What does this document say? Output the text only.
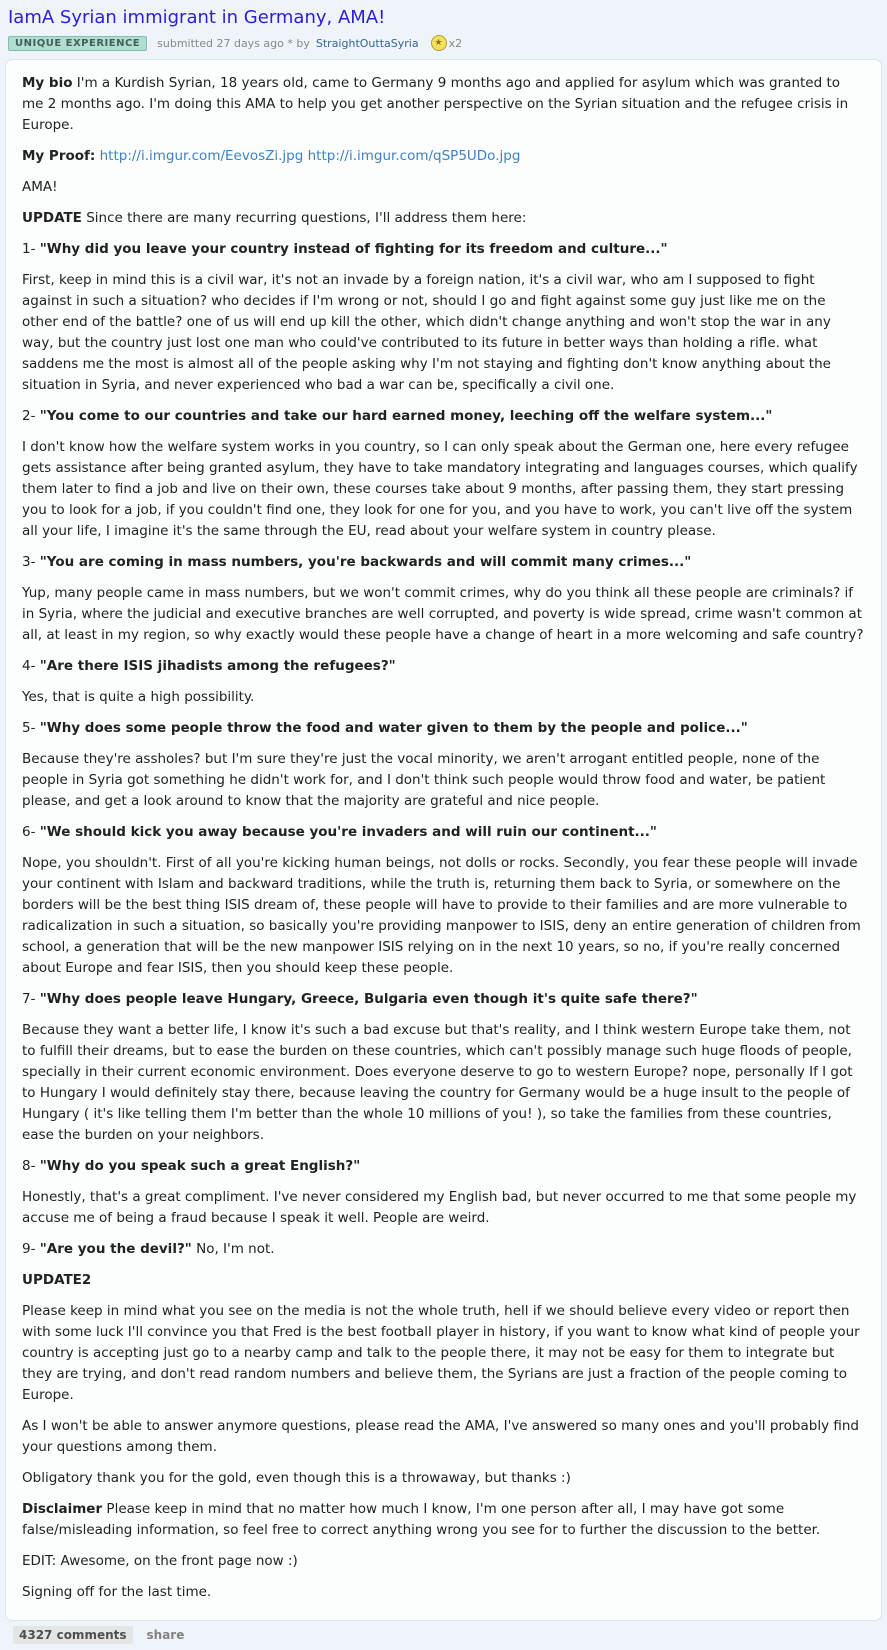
IamA Syrian immigrant in Germany, AMA!
UNIQUE EXPERIENCE	submitted 27 days ago * by StraightOuttaSyria	★ x2

My bio I'm a Kurdish Syrian, 18 years old, came to Germany 9 months ago and applied for asylum which was granted to me 2 months ago. I'm doing this AMA to help you get another perspective on the Syrian situation and the refugee crisis in Europe.

My Proof: http://i.imgur.com/EevosZi.jpg http://i.imgur.com/qSP5UDo.jpg

AMA!

UPDATE Since there are many recurring questions, I'll address them here:

1- "Why did you leave your country instead of fighting for its freedom and culture..."

First, keep in mind this is a civil war, it's not an invade by a foreign nation, it's a civil war, who am I supposed to fight against in such a situation? who decides if I'm wrong or not, should I go and fight against some guy just like me on the other end of the battle? one of us will end up kill the other, which didn't change anything and won't stop the war in any way, but the country just lost one man who could've contributed to its future in better ways than holding a rifle. what saddens me the most is almost all of the people asking why I'm not staying and fighting don't know anything about the situation in Syria, and never experienced who bad a war can be, specifically a civil one.

2- "You come to our countries and take our hard earned money, leeching off the welfare system..."

I don't know how the welfare system works in you country, so I can only speak about the German one, here every refugee gets assistance after being granted asylum, they have to take mandatory integrating and languages courses, which qualify them later to find a job and live on their own, these courses take about 9 months, after passing them, they start pressing you to look for a job, if you couldn't find one, they look for one for you, and you have to work, you can't live off the system all your life, I imagine it's the same through the EU, read about your welfare system in country please.

3- "You are coming in mass numbers, you're backwards and will commit many crimes..."

Yup, many people came in mass numbers, but we won't commit crimes, why do you think all these people are criminals? if in Syria, where the judicial and executive branches are well corrupted, and poverty is wide spread, crime wasn't common at all, at least in my region, so why exactly would these people have a change of heart in a more welcoming and safe country?

4- "Are there ISIS jihadists among the refugees?"

Yes, that is quite a high possibility.

5- "Why does some people throw the food and water given to them by the people and police..."

Because they're assholes? but I'm sure they're just the vocal minority, we aren't arrogant entitled people, none of the people in Syria got something he didn't work for, and I don't think such people would throw food and water, be patient please, and get a look around to know that the majority are grateful and nice people.

6- "We should kick you away because you're invaders and will ruin our continent..."

Nope, you shouldn't. First of all you're kicking human beings, not dolls or rocks. Secondly, you fear these people will invade your continent with Islam and backward traditions, while the truth is, returning them back to Syria, or somewhere on the borders will be the best thing ISIS dream of, these people will have to provide to their families and are more vulnerable to radicalization in such a situation, so basically you're providing manpower to ISIS, deny an entire generation of children from school, a generation that will be the new manpower ISIS relying on in the next 10 years, so no, if you're really concerned about Europe and fear ISIS, then you should keep these people.

7- "Why does people leave Hungary, Greece, Bulgaria even though it's quite safe there?"

Because they want a better life, I know it's such a bad excuse but that's reality, and I think western Europe take them, not to fulfill their dreams, but to ease the burden on these countries, which can't possibly manage such huge floods of people, specially in their current economic environment. Does everyone deserve to go to western Europe? nope, personally If I got to Hungary I would definitely stay there, because leaving the country for Germany would be a huge insult to the people of Hungary ( it's like telling them I'm better than the whole 10 millions of you! ), so take the families from these countries, ease the burden on your neighbors.

8- "Why do you speak such a great English?"

Honestly, that's a great compliment. I've never considered my English bad, but never occurred to me that some people my accuse me of being a fraud because I speak it well. People are weird.

9- "Are you the devil?" No, I'm not.

UPDATE2

Please keep in mind what you see on the media is not the whole truth, hell if we should believe every video or report then with some luck I'll convince you that Fred is the best football player in history, if you want to know what kind of people your country is accepting just go to a nearby camp and talk to the people there, it may not be easy for them to integrate but they are trying, and don't read random numbers and believe them, the Syrians are just a fraction of the people coming to Europe.

As I won't be able to answer anymore questions, please read the AMA, I've answered so many ones and you'll probably find your questions among them.

Obligatory thank you for the gold, even though this is a throwaway, but thanks :)

Disclaimer Please keep in mind that no matter how much I know, I'm one person after all, I may have got some false/misleading information, so feel free to correct anything wrong you see for to further the discussion to the better.

EDIT: Awesome, on the front page now :)

Signing off for the last time.

4327 comments	share
